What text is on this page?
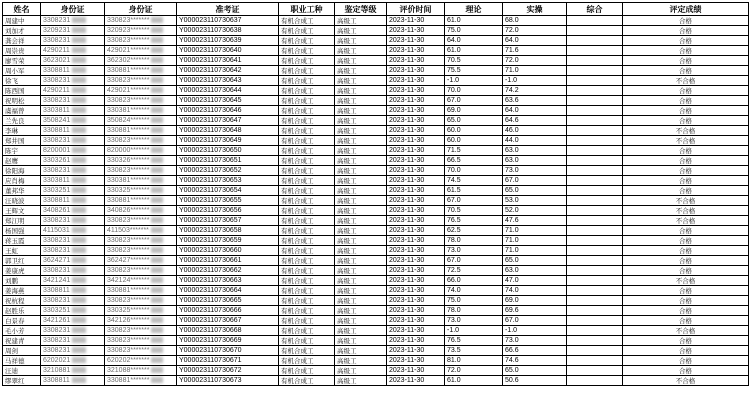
姓名	身份证	身份证	准考证	职业工种	鉴定等级	评价时间	理论	实操	综合	评定成绩
周建中	3308231	330823*******	Y00002311073063​7	有机合成工	高级工	2023-11-30	61.0	68.0		合格
刘加才	3209231	320923*******	Y000023110730638	有机合成工	高级工	2023-11-30	75.0	72.0		合格
龚会祥	3308231	330823*******	Y000023110730639	有机合成工	高级工	2023-11-30	64.0	64.0		合格
周崇贵	4290211	429021*******	Y000023110730640	有机合成工	高级工	2023-11-30	61.0	71.6		合格
廖雪荣	3623021	362302*******	Y000023110730641	有机合成工	高级工	2023-11-30	70.5	72.0		合格
周小军	3308811	330881*******	Y000023110730642	有机合成工	高级工	2023-11-30	75.5	71.0		合格
徐飞	3308231	330823*******	Y000023110730643	有机合成工	高级工	2023-11-30	-1.0	-1.0		不合格
陈西国	4290211	429021*******	Y000023110730644	有机合成工	高级工	2023-11-30	70.0	74.2		合格
祝明松	3308231	330823*******	Y000023110730645	有机合成工	高级工	2023-11-30	67.0	63.6		合格
虞福曾	3303811	330381*******	Y000023110730646	有机合成工	高级工	2023-11-30	69.0	64.0		合格
兰先良	3508241	350824*******	Y000023110730647	有机合成工	高级工	2023-11-30	65.0	64.6		合格
李琳	3308811	330881*******	Y000023110730648	有机合成工	高级工	2023-11-30	60.0	46.0		不合格
郑井国	3308231	330823*******	Y000023110730649	有机合成工	高级工	2023-11-30	60.0	44.0		不合格
陈宇	8200001	820000*******	Y000023110730650	有机合成工	高级工	2023-11-30	71.5	63.0		合格
赵鹰	3303261	330326*******	Y000023110730651	有机合成工	高级工	2023-11-30	66.5	63.0		合格
徐阳海	3308231	330823*******	Y000023110730652	有机合成工	高级工	2023-11-30	70.0	73.0		合格
应肖梅	3303811	330381*******	Y000023110730653	有机合成工	高级工	2023-11-30	74.5	67.0		合格
董邦华	3303251	330325*******	Y000023110730654	有机合成工	高级工	2023-11-30	61.5	65.0		合格
汪晓波	3308811	330881*******	Y000023110730655	有机合成工	高级工	2023-11-30	67.0	53.0		不合格
王辉文	3408261	340826*******	Y000023110730656	有机合成工	高级工	2023-11-30	70.5	52.0		不合格
郑江明	3308231	330823*******	Y000023110730657	有机合成工	高级工	2023-11-30	76.5	47.6		不合格
杨国强	4115031	411503*******	Y000023110730658	有机合成工	高级工	2023-11-30	62.5	71.0		合格
蒋玉霞	3308231	330823*******	Y000023110730659	有机合成工	高级工	2023-11-30	78.0	71.0		合格
王虹	3308231	330823*******	Y000023110730660	有机合成工	高级工	2023-11-30	73.0	71.0		合格
郭卫红	3624271	362427*******	Y000023110730661	有机合成工	高级工	2023-11-30	67.0	65.0		合格
姜康虎	3308231	330823*******	Y000023110730662	有机合成工	高级工	2023-11-30	72.5	63.0		合格
刘鹏	3421241	342124*******	Y000023110730663	有机合成工	高级工	2023-11-30	66.0	47.0		不合格
姜海燕	3308811	330881*******	Y000023110730664	有机合成工	高级工	2023-11-30	74.0	74.0		合格
祝杭程	3308231	330823*******	Y000023110730665	有机合成工	高级工	2023-11-30	75.0	69.0		合格
赵胜乐	3303251	330325*******	Y000023110730666	有机合成工	高级工	2023-11-30	78.0	69.6		合格
白景春	3421261	342126*******	Y000023110730667	有机合成工	高级工	2023-11-30	73.0	67.0		合格
毛小芳	3308231	330823*******	Y000023110730668	有机合成工	高级工	2023-11-30	-1.0	-1.0		不合格
祝建青	3308231	330823*******	Y000023110730669	有机合成工	高级工	2023-11-30	76.5	73.0		合格
周剑	3308231	330823*******	Y000023110730670	有机合成工	高级工	2023-11-30	73.5	66.6		合格
马祥德	6202021	620202*******	Y000023110730671	有机合成工	高级工	2023-11-30	81.0	74.6		合格
汪迪	3210881	321088*******	Y000023110730672	有机合成工	高级工	2023-11-30	72.0	65.0		合格
缪翠红	3308811	330881*******	Y000023110730673	有机合成工	高级工	2023-11-30	61.0	50.6		不合格
